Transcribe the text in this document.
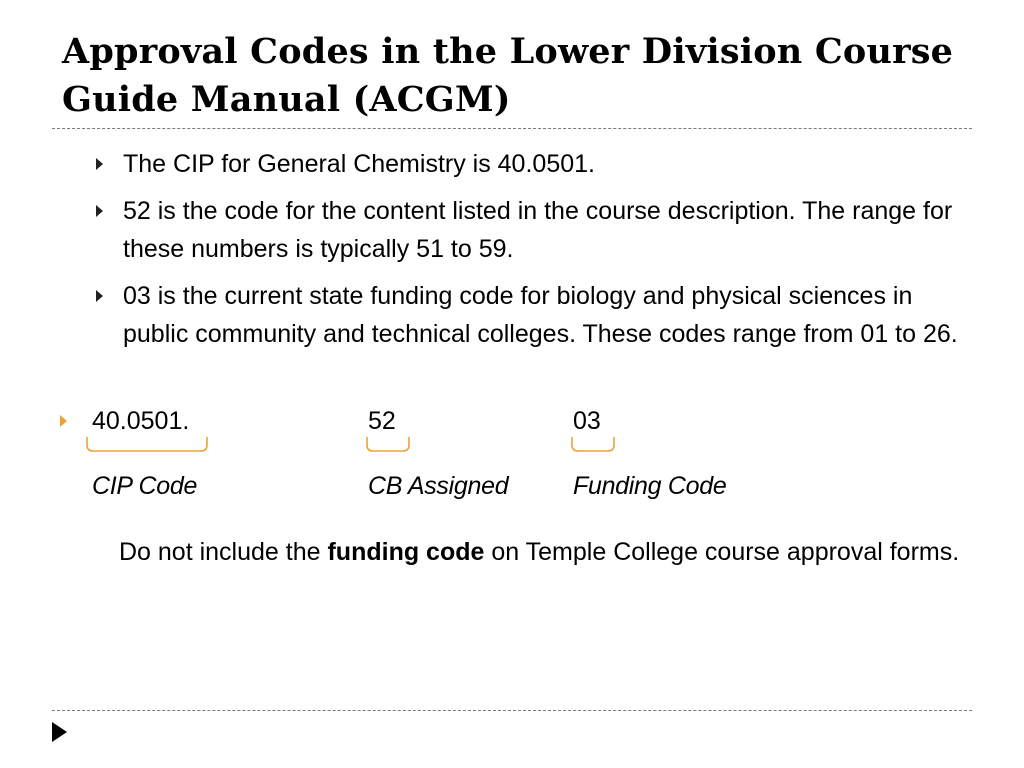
Approval Codes in the Lower Division Course Guide Manual (ACGM)
The CIP for General Chemistry is 40.0501.
52 is the code for the content listed in the course description. The range for these numbers is typically 51 to 59.
03 is the current state funding code for biology and physical sciences in public community and technical colleges. These codes range from 01 to 26.
40.0501.	52	03
CIP Code	CB Assigned	Funding Code

Do not include the funding code on Temple College course approval forms.
